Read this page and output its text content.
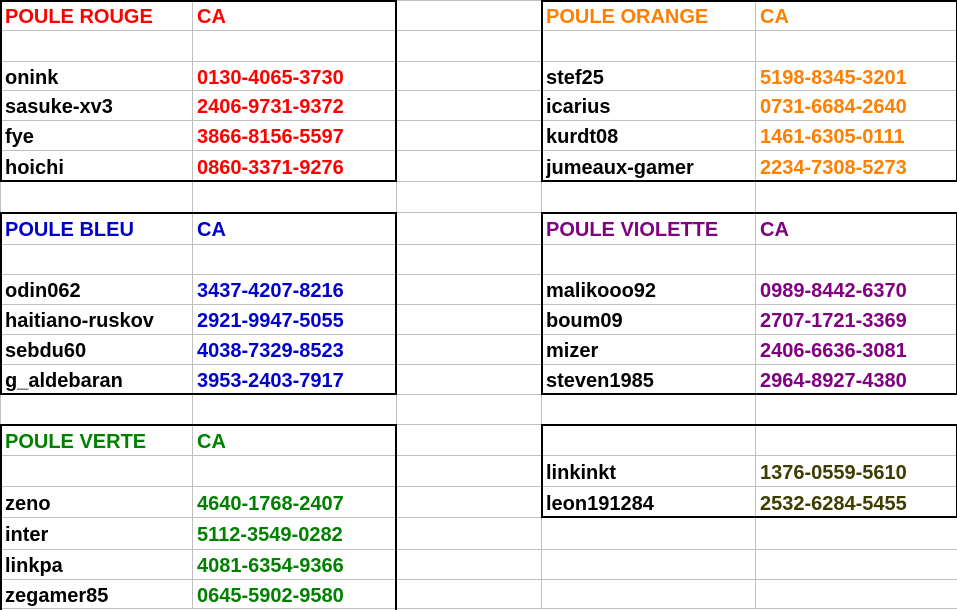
POULE ROUGE	CA
onink	0130-4065-3730
sasuke-xv3	2406-9731-9372
fye	3866-8156-5597
hoichi	0860-3371-9276
POULE ORANGE	CA
stef25	5198-8345-3201
icarius	0731-6684-2640
kurdt08	1461-6305-0111
jumeaux-gamer	2234-7308-5273
POULE BLEU	CA
odin062	3437-4207-8216
haitiano-ruskov	2921-9947-5055
sebdu60	4038-7329-8523
g_aldebaran	3953-2403-7917
POULE VIOLETTE	CA
malikooo92	0989-8442-6370
boum09	2707-1721-3369
mizer	2406-6636-3081
steven1985	2964-8927-4380
POULE VERTE	CA
zeno	4640-1768-2407
inter	5112-3549-0282
linkpa	4081-6354-9366
zegamer85	0645-5902-9580
linkinkt	1376-0559-5610
leon191284	2532-6284-5455
